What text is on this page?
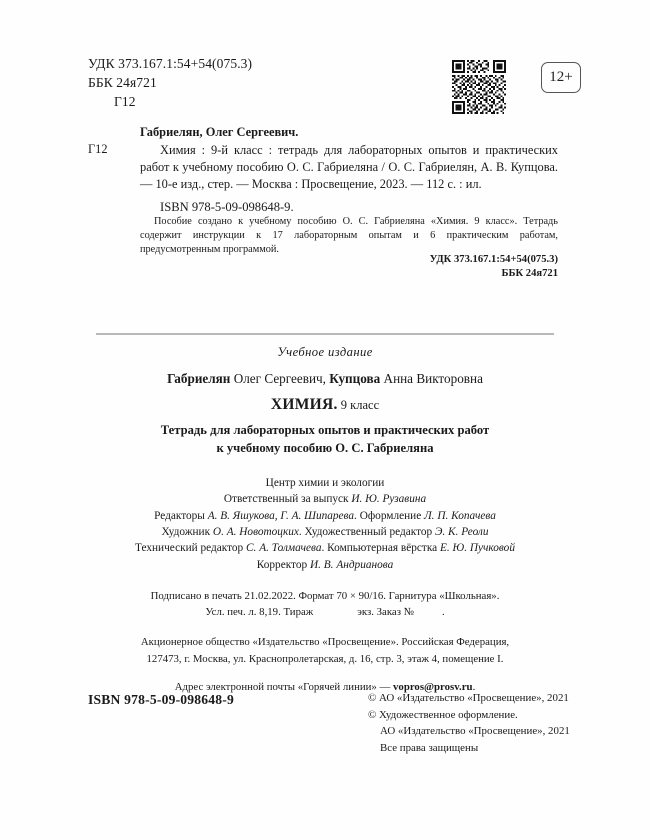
УДК 373.167.1:54+54(075.3)
ББК 24я721

Г12
12+
Г12
Габриелян, Олег Сергеевич.
Химия : 9-й класс : тетрадь для лабораторных опытов и практических работ к учебному пособию О. С. Габриеляна / О. С. Габриелян, А. В. Купцова. — 10-е изд., стер. — Москва : Просвещение, 2023. — 112 с. : ил.
ISBN 978-5-09-098648-9.

Пособие создано к учебному пособию О. С. Габриеляна «Химия. 9 класс». Тетрадь содержит инструкции к 17 лабораторным опытам и 6 практическим работам, предусмотренным программой.

УДК 373.167.1:54+54(075.3)
ББК 24я721
Учебное издание
Габриелян Олег Сергеевич, Купцова Анна Викторовна
ХИМИЯ. 9 класс
Тетрадь для лабораторных опытов и практических работ
к учебному пособию О. С. Габриеляна
Центр химии и экологии
Ответственный за выпуск И. Ю. Рузавина
Редакторы А. В. Яшукова, Г. А. Шипарева. Оформление Л. П. Копачева
Художник О. А. Новотоцких. Художественный редактор Э. К. Реоли
Технический редактор С. А. Толмачева. Компьютерная вёрстка Е. Ю. Пучковой
Корректор И. В. Андрианова
Подписано в печать 21.02.2022. Формат 70 × 90/16. Гарнитура «Школьная».
Усл. печ. л. 8,19. Тираж	экз. Заказ №	.
Акционерное общество «Издательство «Просвещение». Российская Федерация,
127473, г. Москва, ул. Краснопролетарская, д. 16, стр. 3, этаж 4, помещение I.
Адрес электронной почты «Горячей линии» — vopros@prosv.ru.
ISBN 978-5-09-098648-9	© АО «Издательство «Просвещение», 2021
© Художественное оформление.
АО «Издательство «Просвещение», 2021
Все права защищены
